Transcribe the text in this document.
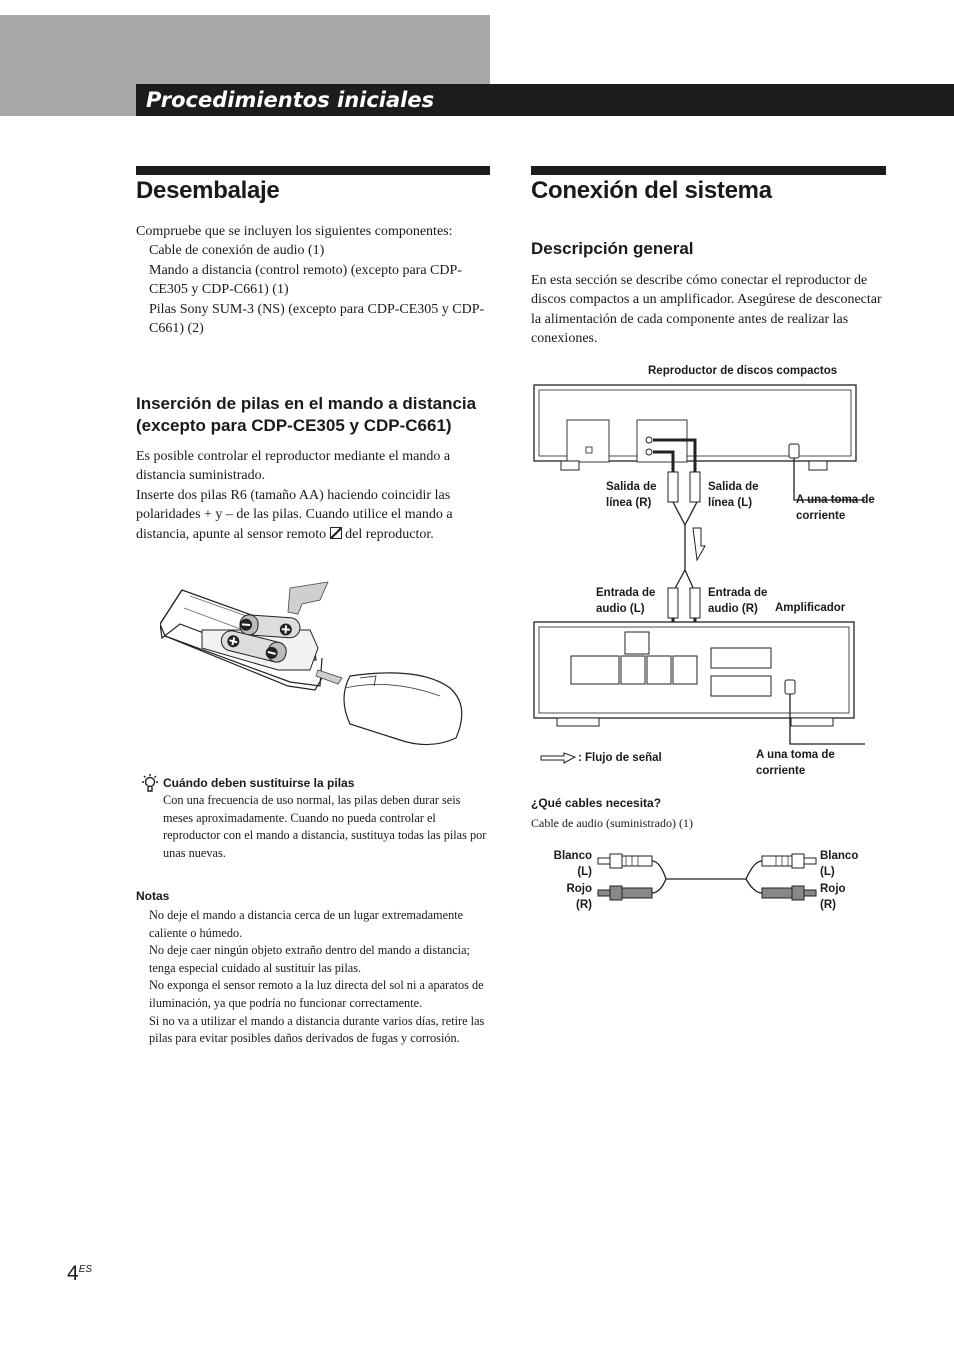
Procedimientos iniciales
Desembalaje

Compruebe que se incluyen los siguientes componentes:

Cable de conexión de audio (1)

Mando a distancia (control remoto) (excepto para CDP-CE305 y CDP-C661) (1)

Pilas Sony SUM-3 (NS) (excepto para CDP-CE305 y CDP-C661) (2)

Inserción de pilas en el mando a distancia (excepto para CDP-CE305 y CDP-C661)

Es posible controlar el reproductor mediante el mando a distancia suministrado.

Inserte dos pilas R6 (tamaño AA) haciendo coincidir las polaridades + y – de las pilas. Cuando utilice el mando a distancia, apunte al sensor remoto del reproductor.

Cuándo deben sustituirse la pilas
Con una frecuencia de uso normal, las pilas deben durar seis meses aproximadamente. Cuando no pueda controlar el reproductor con el mando a distancia, sustituya todas las pilas por unas nuevas.
Notas

No deje el mando a distancia cerca de un lugar extremadamente caliente o húmedo.

No deje caer ningún objeto extraño dentro del mando a distancia; tenga especial cuidado al sustituir las pilas.

No exponga el sensor remoto a la luz directa del sol ni a aparatos de iluminación, ya que podría no funcionar correctamente.

Si no va a utilizar el mando a distancia durante varios días, retire las pilas para evitar posibles daños derivados de fugas y corrosión.

Conexión del sistema
Descripción general
En esta sección se describe cómo conectar el reproductor de discos compactos a un amplificador. Asegúrese de desconectar la alimentación de cada componente antes de realizar las conexiones.
Reproductor de discos compactos
Salida de
línea (R)
Salida de
línea (L)	A una toma de
corriente
Entrada de
audio (L)
Entrada de
audio (R)	Amplificador
: Flujo de señal	A una toma de
corriente
¿Qué cables necesita?
Cable de audio (suministrado) (1)
Blanco
(L)
Rojo
(R)
Blanco
(L)
Rojo
(R)
$4^{ES}$
